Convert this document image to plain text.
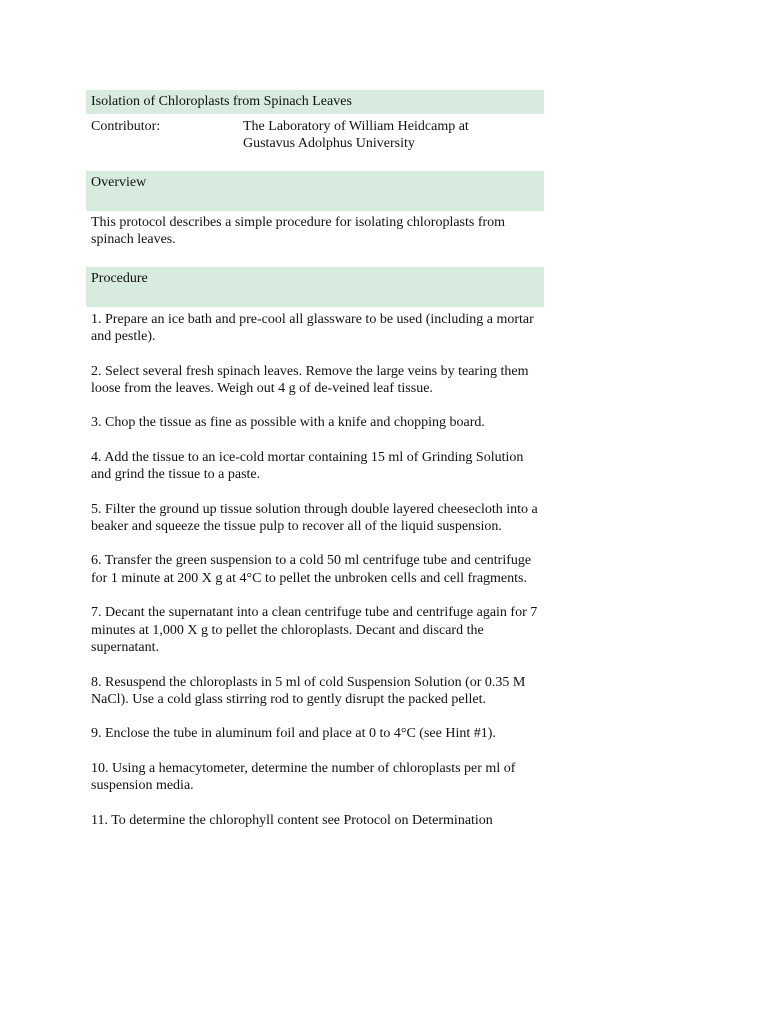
Isolation of Chloroplasts from Spinach Leaves
Contributor:	The Laboratory of William Heidcamp at
Gustavus Adolphus University
Overview

This protocol describes a simple procedure for isolating chloroplasts from spinach leaves.

Procedure

1. Prepare an ice bath and pre-cool all glassware to be used (including a mortar and pestle).

2. Select several fresh spinach leaves. Remove the large veins by tearing them loose from the leaves. Weigh out 4 g of de-veined leaf tissue.

3. Chop the tissue as fine as possible with a knife and chopping board.

4. Add the tissue to an ice-cold mortar containing 15 ml of Grinding Solution and grind the tissue to a paste.

5. Filter the ground up tissue solution through double layered cheesecloth into a beaker and squeeze the tissue pulp to recover all of the liquid suspension.

6. Transfer the green suspension to a cold 50 ml centrifuge tube and centrifuge for 1 minute at 200 X g at 4°C to pellet the unbroken cells and cell fragments.

7. Decant the supernatant into a clean centrifuge tube and centrifuge again for 7 minutes at 1,000 X g to pellet the chloroplasts. Decant and discard the supernatant.

8. Resuspend the chloroplasts in 5 ml of cold Suspension Solution (or 0.35 M NaCl). Use a cold glass stirring rod to gently disrupt the packed pellet.

9. Enclose the tube in aluminum foil and place at 0 to 4°C (see Hint #1).

10. Using a hemacytometer, determine the number of chloroplasts per ml of suspension media.

11. To determine the chlorophyll content see Protocol on Determination
